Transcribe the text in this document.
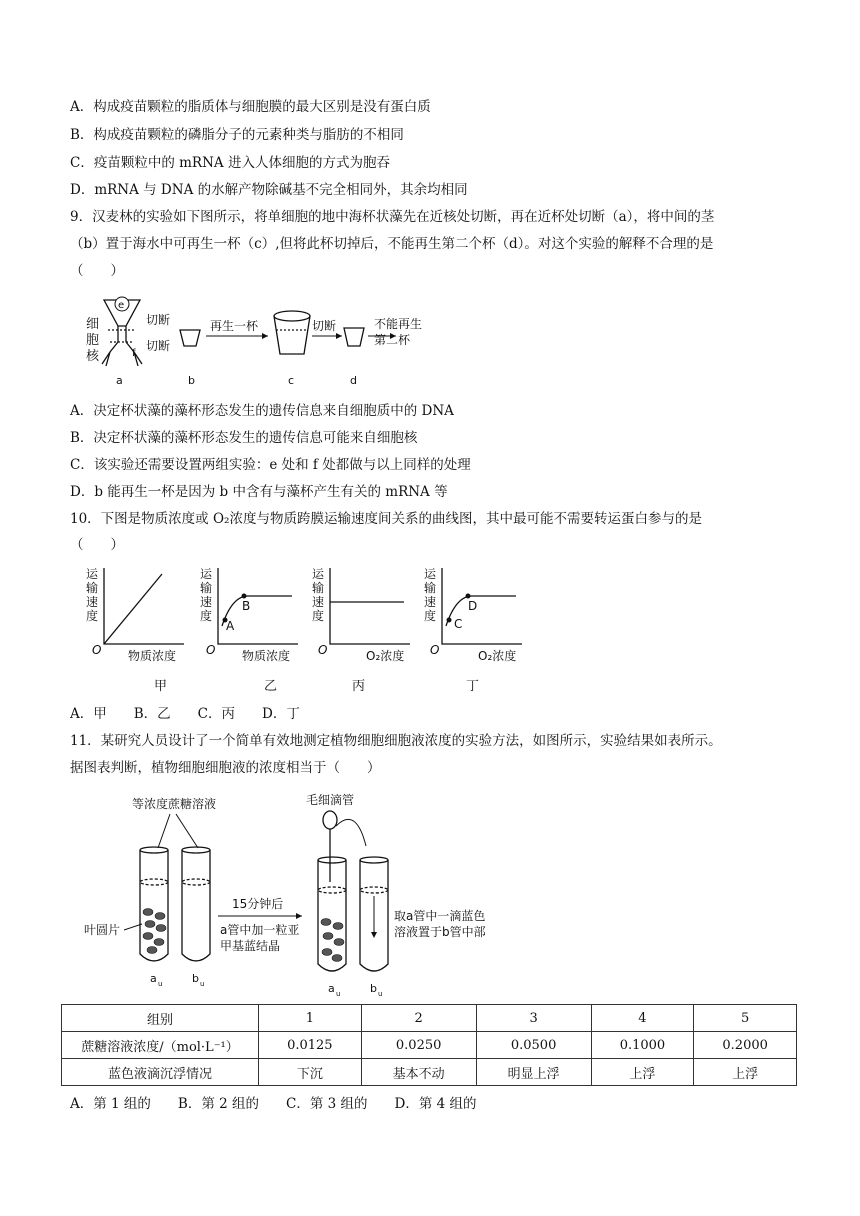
A．构成疫苗颗粒的脂质体与细胞膜的最大区别是没有蛋白质
B．构成疫苗颗粒的磷脂分子的元素种类与脂肪的不相同
C．疫苗颗粒中的 mRNA 进入人体细胞的方式为胞吞
D．mRNA 与 DNA 的水解产物除碱基不完全相同外，其余均相同
9．汉麦林的实验如下图所示，将单细胞的地中海杯状藻先在近核处切断，再在近杯处切断（a），将中间的茎
（b）置于海水中可再生一杯（c）,但将此杯切掉后，不能再生第二个杯（d）。对这个实验的解释不合理的是
（　　）
细
胞
核
e
f
切断
切断
再生一杯	切断	不能再生
第二杯
a	b	c	d
A．决定杯状藻的藻杯形态发生的遗传信息来自细胞质中的 DNA
B．决定杯状藻的藻杯形态发生的遗传信息可能来自细胞核
C．该实验还需要设置两组实验：e 处和 f 处都做与以上同样的处理
D．b 能再生一杯是因为 b 中含有与藻杯产生有关的 mRNA 等
10．下图是物质浓度或 O₂浓度与物质跨膜运输速度间关系的曲线图，其中最可能不需要转运蛋白参与的是
（　　）
运
输
速
度
O 物质浓度
甲
运
输
速
度
A
B
O 物质浓度
乙
运
输
速
度
O	O₂浓度
丙
运
输
速
度
C
D
O	O₂浓度
丁
A．甲　　B．乙　　C．丙　　D．丁
11．某研究人员设计了一个简单有效地测定植物细胞细胞液浓度的实验方法，如图所示，实验结果如表所示。
据图表判断，植物细胞细胞液的浓度相当于（　　）
等浓度蔗糖溶液
叶圆片
a u	b u
15分钟后
a管中加一粒亚
甲基蓝结晶
毛细滴管
a u	b u
取a管中一滴蓝色
溶液置于b管中部
组别	1	2	3	4	5
蔗糖溶液浓度/（mol·L⁻¹）	0.0125	0.0250	0.0500	0.1000	0.2000
蓝色液滴沉浮情况	下沉	基本不动	明显上浮	上浮	上浮
A．第 1 组的　　B．第 2 组的　　C．第 3 组的　　D．第 4 组的
